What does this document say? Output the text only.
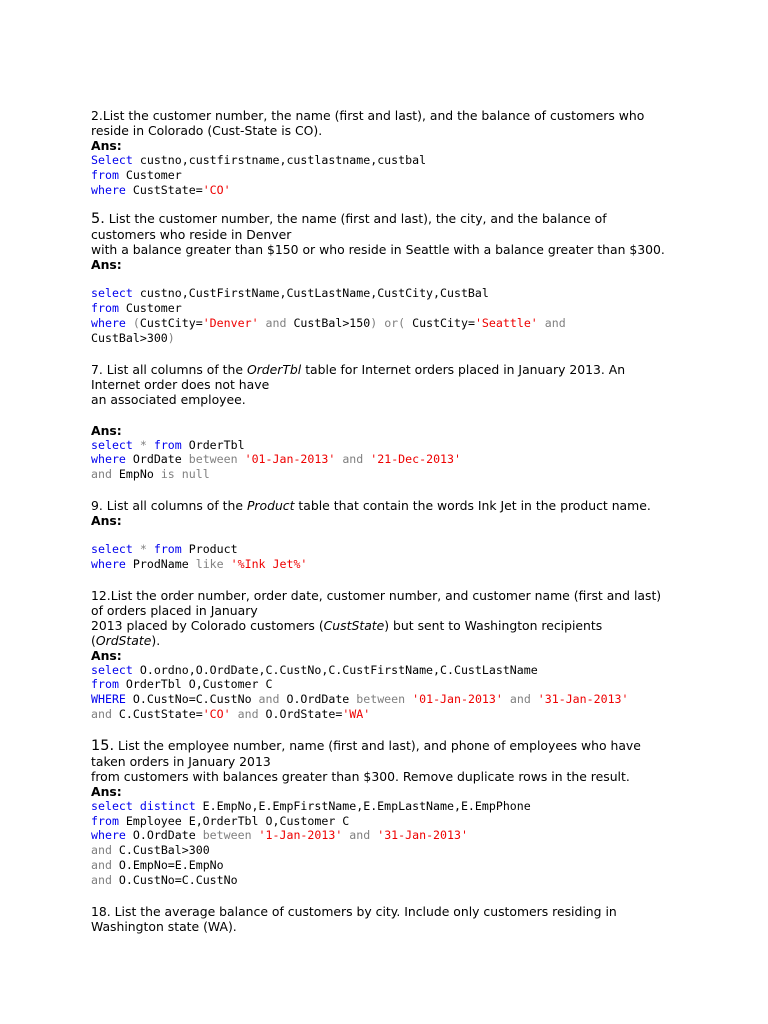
2.List the customer number, the name (first and last), and the balance of customers who

reside in Colorado (Cust-State is CO).

Ans:
Select custno,custfirstname,custlastname,custbal
from Customer
where CustState='CO'

5. List the customer number, the name (first and last), the city, and the balance of

customers who reside in Denver

with a balance greater than $150 or who reside in Seattle with a balance greater than $300.

Ans:
select custno,CustFirstName,CustLastName,CustCity,CustBal
from Customer
where (CustCity='Denver' and CustBal>150) or( CustCity='Seattle' and
CustBal>300)

7. List all columns of the OrderTbl table for Internet orders placed in January 2013. An

Internet order does not have

an associated employee.

Ans:
select * from OrderTbl
where OrdDate between '01-Jan-2013' and '21-Dec-2013'
and EmpNo is null

9. List all columns of the Product table that contain the words Ink Jet in the product name.

Ans:
select * from Product
where ProdName like '%Ink Jet%'

12.List the order number, order date, customer number, and customer name (first and last)

of orders placed in January

2013 placed by Colorado customers (CustState) but sent to Washington recipients

(OrdState).

Ans:
select O.ordno,O.OrdDate,C.CustNo,C.CustFirstName,C.CustLastName
from OrderTbl O,Customer C
WHERE O.CustNo=C.CustNo and O.OrdDate between '01-Jan-2013' and '31-Jan-2013'
and C.CustState='CO' and O.OrdState='WA'

15. List the employee number, name (first and last), and phone of employees who have

taken orders in January 2013

from customers with balances greater than $300. Remove duplicate rows in the result.

Ans:
select distinct E.EmpNo,E.EmpFirstName,E.EmpLastName,E.EmpPhone
from Employee E,OrderTbl O,Customer C
where O.OrdDate between '1-Jan-2013' and '31-Jan-2013'
and C.CustBal>300
and O.EmpNo=E.EmpNo
and O.CustNo=C.CustNo

18. List the average balance of customers by city. Include only customers residing in

Washington state (WA).
